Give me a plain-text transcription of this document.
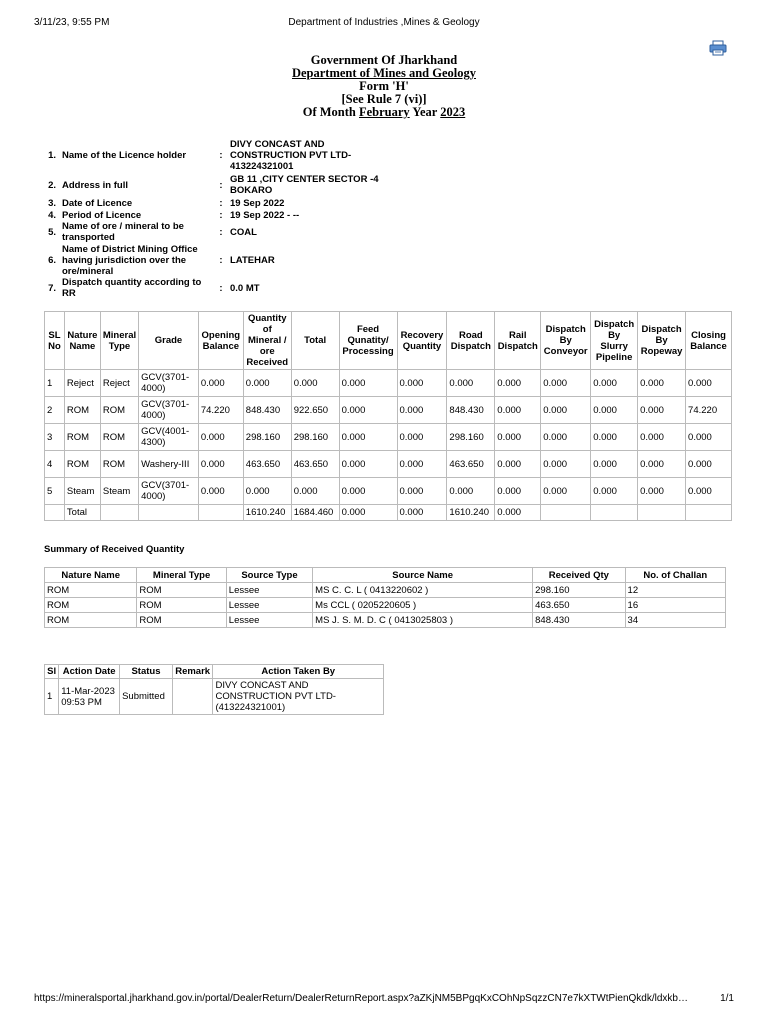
3/11/23, 9:55 PM	Department of Industries ,Mines & Geology
Government Of Jharkhand
Department of Mines and Geology
Form 'H'
[See Rule 7 (vi)]
Of Month February Year 2023
1.	Name of the Licence holder	:	DIVY CONCAST AND CONSTRUCTION PVT LTD-413224321001
2.	Address in full	:	GB 11 ,CITY CENTER SECTOR -4 BOKARO
3.	Date of Licence	:	19 Sep 2022
4.	Period of Licence	:	19 Sep 2022 - --
5.	Name of ore / mineral to be transported	:	COAL
6.	Name of District Mining Office having jurisdiction over the ore/mineral	:	LATEHAR
7.	Dispatch quantity according to RR	:	0.0 MT
SL No	Nature Name	Mineral Type	Grade	Opening Balance	Quantity of Mineral / ore Received	Total	Feed Qunatity/ Processing	Recovery Quantity	Road Dispatch	Rail Dispatch	Dispatch By Conveyor	Dispatch By Slurry Pipeline	Dispatch By Ropeway	Closing Balance
1	Reject	Reject	GCV(3701-4000)	0.000	0.000	0.000	0.000	0.000	0.000	0.000	0.000	0.000	0.000	0.000
2	ROM	ROM	GCV(3701-4000)	74.220	848.430	922.650	0.000	0.000	848.430	0.000	0.000	0.000	0.000	74.220
3	ROM	ROM	GCV(4001-4300)	0.000	298.160	298.160	0.000	0.000	298.160	0.000	0.000	0.000	0.000	0.000
4	ROM	ROM	Washery-III	0.000	463.650	463.650	0.000	0.000	463.650	0.000	0.000	0.000	0.000	0.000
5	Steam	Steam	GCV(3701-4000)	0.000	0.000	0.000	0.000	0.000	0.000	0.000	0.000	0.000	0.000	0.000
	Total				1610.240	1684.460	0.000	0.000	1610.240	0.000				
Summary of Received Quantity
Nature Name	Mineral Type	Source Type	Source Name	Received Qty	No. of Challan
ROM	ROM	Lessee	MS C. C. L ( 0413220602 )	298.160	12
ROM	ROM	Lessee	Ms CCL ( 0205220605 )	463.650	16
ROM	ROM	Lessee	MS J. S. M. D. C ( 0413025803 )	848.430	34
Sl	Action Date	Status	Remark	Action Taken By
1	11-Mar-2023 09:53 PM	Submitted		DIVY CONCAST AND CONSTRUCTION PVT LTD-(413224321001)
https://mineralsportal.jharkhand.gov.in/portal/DealerReturn/DealerReturnReport.aspx?aZKjNM5BPgqKxCOhNpSqzzCN7e7kXTWtPienQkdk/ldxkb…	1/1
